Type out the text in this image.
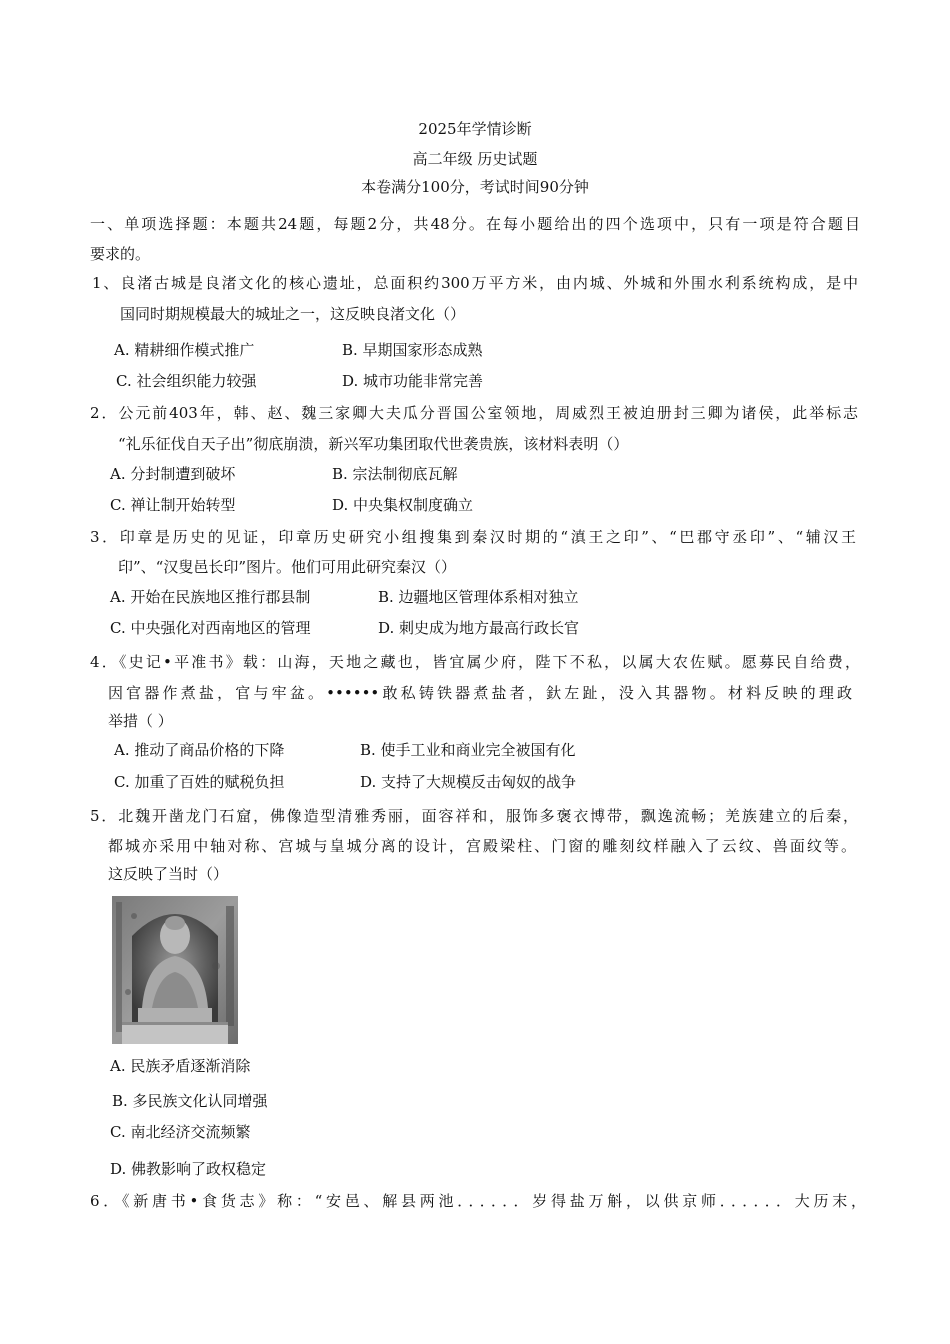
2025年学情诊断
高二年级 历史试题
本卷满分100分，考试时间90分钟
一、单项选择题：本题共24题，每题2分，共48分。在每小题给出的四个选项中，只有一项是符合题目
要求的。
1、良渚古城是良渚文化的核心遗址，总面积约300万平方米，由内城、外城和外围水利系统构成，是中
国同时期规模最大的城址之一，这反映良渚文化（）
A. 精耕细作模式推广	B. 早期国家形态成熟
C. 社会组织能力较强	D. 城市功能非常完善
2．公元前403年，韩、赵、魏三家卿大夫瓜分晋国公室领地，周威烈王被迫册封三卿为诸侯，此举标志
“礼乐征伐自天子出”彻底崩溃，新兴军功集团取代世袭贵族，该材料表明（）
A. 分封制遭到破坏	B. 宗法制彻底瓦解
C. 禅让制开始转型	D. 中央集权制度确立
3．印章是历史的见证，印章历史研究小组搜集到秦汉时期的“滇王之印”、“巴郡守丞印”、“辅汉王
印”、“汉叟邑长印”图片。他们可用此研究秦汉（）
A. 开始在民族地区推行郡县制	B. 边疆地区管理体系相对独立
C. 中央强化对西南地区的管理	D. 刺史成为地方最高行政长官
4．《史记•平准书》载：山海，天地之藏也，皆宜属少府，陛下不私，以属大农佐赋。愿募民自给费，
因官器作煮盐，官与牢盆。••••••敢私铸铁器煮盐者，釱左趾，没入其器物。材料反映的理政
举措（ ）
A. 推动了商品价格的下降	B. 使手工业和商业完全被国有化
C. 加重了百姓的赋税负担	D. 支持了大规模反击匈奴的战争
5．北魏开凿龙门石窟，佛像造型清雅秀丽，面容祥和，服饰多褒衣博带，飘逸流畅；羌族建立的后秦，
都城亦采用中轴对称、宫城与皇城分离的设计，宫殿梁柱、门窗的雕刻纹样融入了云纹、兽面纹等。
这反映了当时（）
A. 民族矛盾逐渐消除
B. 多民族文化认同增强
C. 南北经济交流频繁
D. 佛教影响了政权稳定
6．《新唐书•食货志》称：“安邑、解县两池．．．．．．岁得盐万斛，以供京师．．．．．．大历末，
